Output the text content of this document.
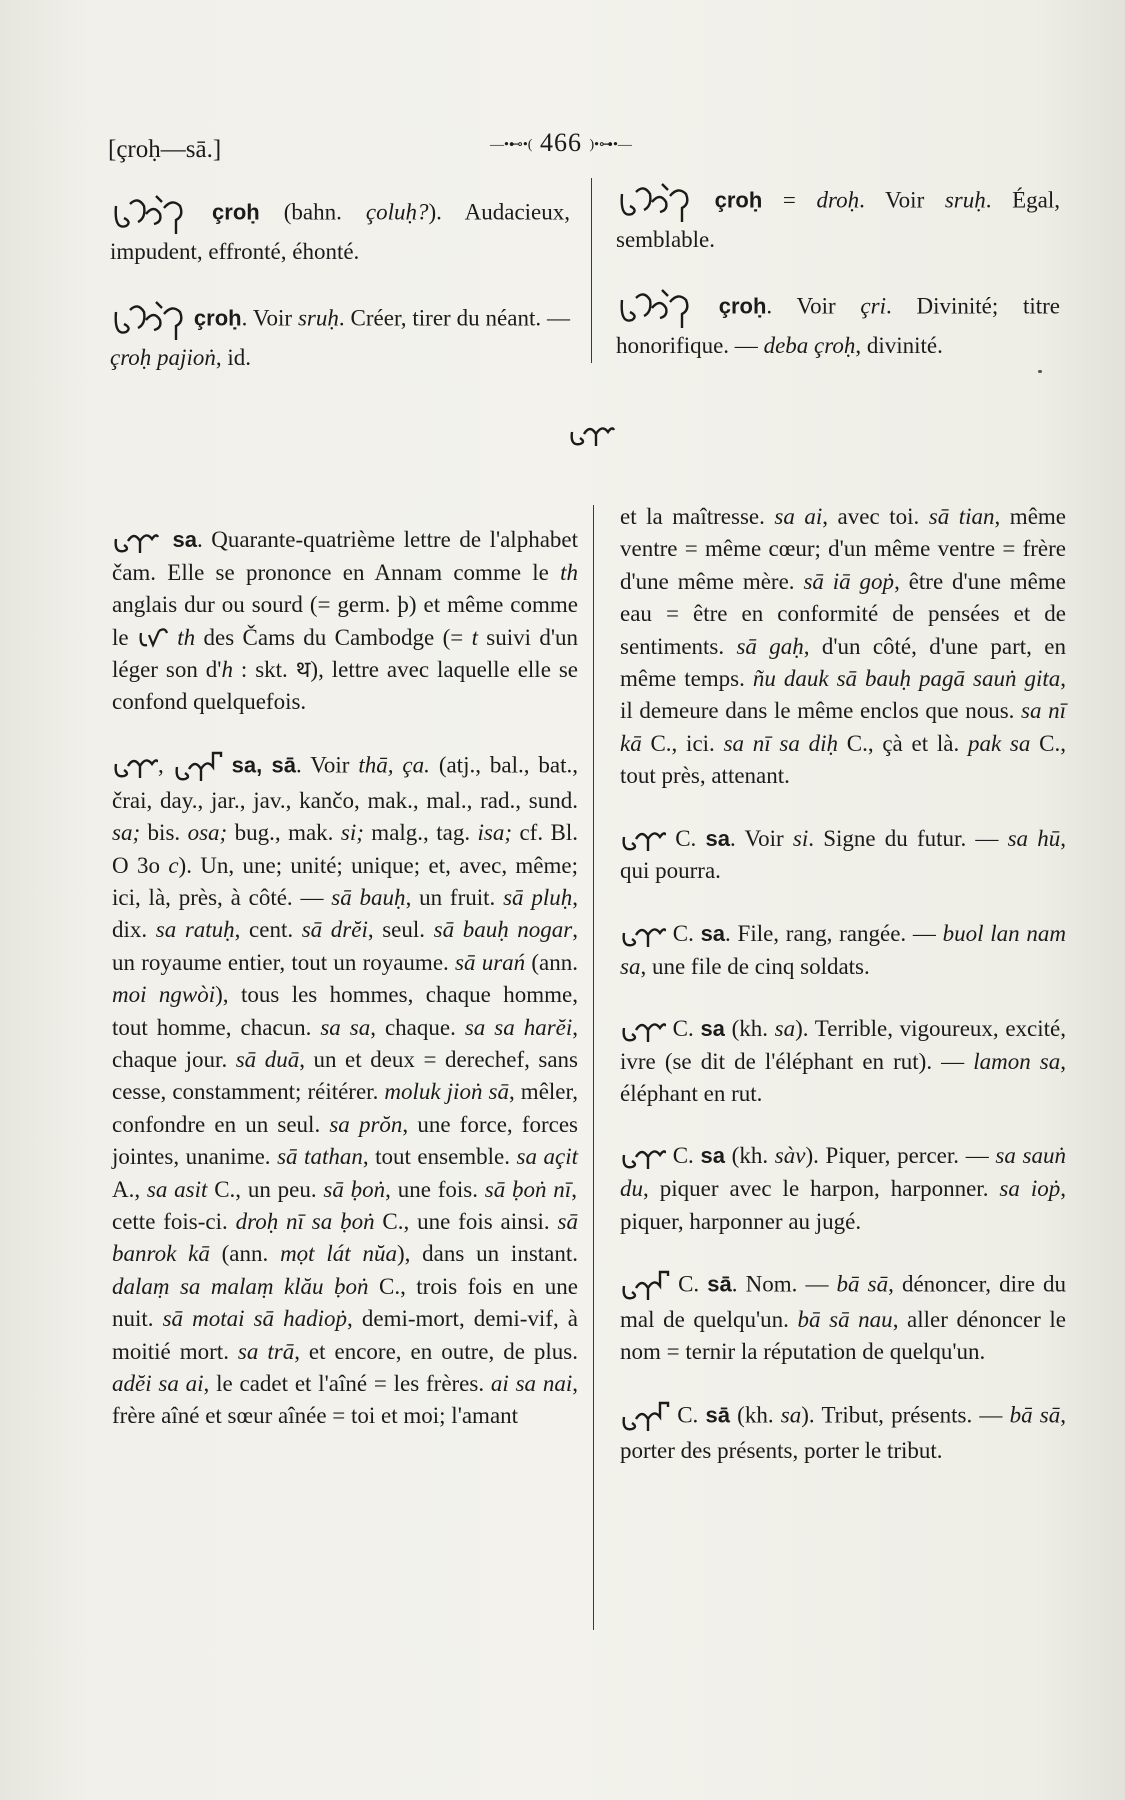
[çroḥ—sā.]	—•⊷•( 466 )•⊶•—

çroḥ (bahn. çoluḥ?). Audacieux, impudent, effronté, éhonté.

çroḥ. Voir sruḥ. Créer, tirer du néant. — çroḥ pajioṅ, id.

çroḥ = droḥ. Voir sruḥ. Égal, semblable.

çroḥ. Voir çri. Divinité; titre honorifique. — deba çroḥ, divinité.

sa. Quarante-quatrième lettre de l'alphabet čam. Elle se prononce en Annam comme le th anglais dur ou sourd (= germ. þ) et même comme le  th des Čams du Cambodge (= t suivi d'un léger son d'h : skt. थ), lettre avec laquelle elle se confond quelquefois.

,	sa, sā. Voir thā, ça. (atj., bal., bat., črai, day., jar., jav., kančo, mak., mal., rad., sund. sa; bis. osa; bug., mak. si; malg., tag. isa; cf. Bl. O 3o c). Un, une; unité; unique; et, avec, même; ici, là, près, à côté. — sā bauḥ, un fruit. sā pluḥ, dix. sa ratuḥ, cent. sā drĕi, seul. sā bauḥ nogar, un royaume entier, tout un royaume. sā urań (ann. moi ngwòi), tous les hommes, chaque homme, tout homme, chacun. sa sa, chaque. sa sa harĕi, chaque jour. sā duā, un et deux = derechef, sans cesse, constamment; réitérer. moluk jioṅ sā, mêler, confondre en un seul. sa prŏn, une force, forces jointes, unanime. sā tathan, tout ensemble. sa açit A., sa asit C., un peu. sā ḅoṅ, une fois. sā ḅoṅ nī, cette fois-ci. droḥ nī sa ḅoṅ C., une fois ainsi. sā banrok kā (ann. mọt lát nŭa), dans un instant. dalaṃ sa malaṃ klău ḅoṅ C., trois fois en une nuit. sā motai sā hadioṗ, demi-mort, demi-vif, à moitié mort. sa trā, et encore, en outre, de plus. adĕi sa ai, le cadet et l'aîné = les frères. ai sa nai, frère aîné et sœur aînée = toi et moi; l'amant

et la maîtresse. sa ai, avec toi. sā tian, même ventre = même cœur; d'un même ventre = frère d'une même mère. sā iā goṗ, être d'une même eau = être en conformité de pensées et de sentiments. sā gaḥ, d'un côté, d'une part, en même temps. ñu dauk sā bauḥ pagā sauṅ gita, il demeure dans le même enclos que nous. sa nī kā C., ici. sa nī sa diḥ C., çà et là. pak sa C., tout près, attenant.

C. sa. Voir si. Signe du futur. — sa hū, qui pourra.

C. sa. File, rang, rangée. — buol lan nam sa, une file de cinq soldats.

C. sa (kh. sa). Terrible, vigoureux, excité, ivre (se dit de l'éléphant en rut). — lamon sa, éléphant en rut.

C. sa (kh. sàv). Piquer, percer. — sa sauṅ du, piquer avec le harpon, harponner. sa ioṗ, piquer, harponner au jugé.

C. sā. Nom. — bā sā, dénoncer, dire du mal de quelqu'un. bā sā nau, aller dénoncer le nom = ternir la réputation de quelqu'un.

C. sā (kh. sa). Tribut, présents. — bā sā, porter des présents, porter le tribut.
